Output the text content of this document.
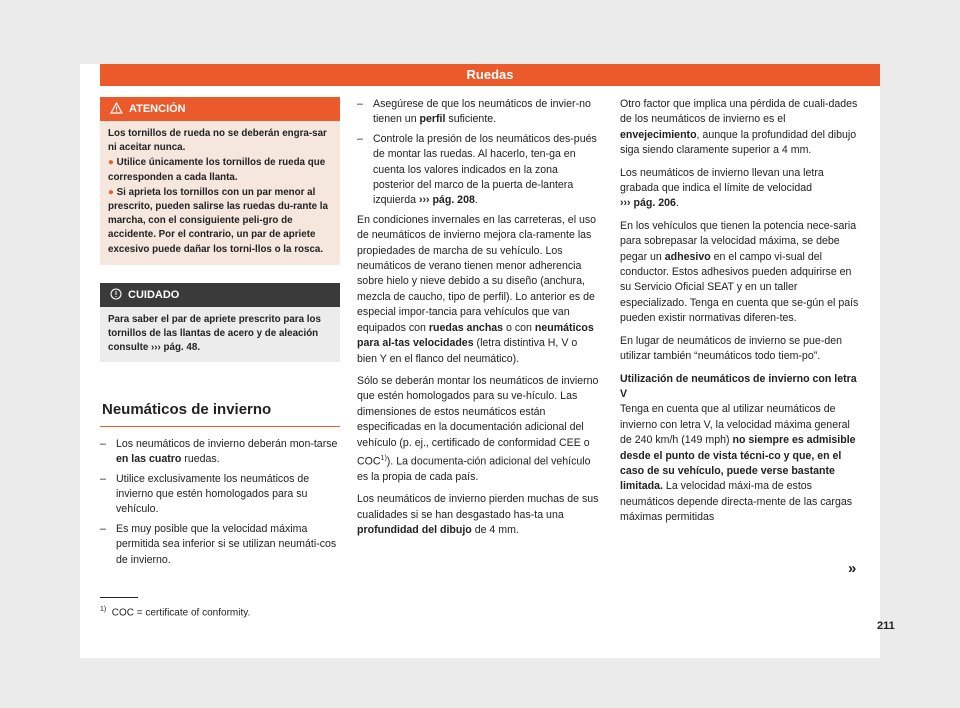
Ruedas
ATENCIÓN

Los tornillos de rueda no se deberán engra-sar ni aceitar nunca.

● Utilice únicamente los tornillos de rueda que corresponden a cada llanta.

● Si aprieta los tornillos con un par menor al prescrito, pueden salirse las ruedas du-rante la marcha, con el consiguiente peli-gro de accidente. Por el contrario, un par de apriete excesivo puede dañar los torni-llos o la rosca.

CUIDADO
Para saber el par de apriete prescrito para los tornillos de las llantas de acero y de aleación consulte ››› pág. 48.
Neumáticos de invierno
– Los neumáticos de invierno deberán mon-tarse en las cuatro ruedas.
– Utilice exclusivamente los neumáticos de invierno que estén homologados para su vehículo.
– Es muy posible que la velocidad máxima permitida sea inferior si se utilizan neumáti-cos de invierno.
– Asegúrese de que los neumáticos de invier-no tienen un perfil suficiente.
– Controle la presión de los neumáticos des-pués de montar las ruedas. Al hacerlo, ten-ga en cuenta los valores indicados en la zona posterior del marco de la puerta de-lantera izquierda ››› pág. 208.

En condiciones invernales en las carreteras, el uso de neumáticos de invierno mejora cla-ramente las propiedades de marcha de su vehículo. Los neumáticos de verano tienen menor adherencia sobre hielo y nieve debido a su diseño (anchura, mezcla de caucho, tipo de perfil). Lo anterior es de especial impor-tancia para vehículos que van equipados con ruedas anchas o con neumáticos para al-tas velocidades (letra distintiva H, V o bien Y en el flanco del neumático).

Sólo se deberán montar los neumáticos de invierno que estén homologados para su ve-hículo. Las dimensiones de estos neumáticos están especificadas en la documentación adicional del vehículo (p. ej., certificado de conformidad CEE o COC$^{1)}$). La documenta-ción adicional del vehículo es la propia de cada país.

Los neumáticos de invierno pierden muchas de sus cualidades si se han desgastado has-ta una profundidad del dibujo de 4 mm.

Otro factor que implica una pérdida de cuali-dades de los neumáticos de invierno es el envejecimiento, aunque la profundidad del dibujo siga siendo claramente superior a 4 mm.

Los neumáticos de invierno llevan una letra grabada que indica el límite de velocidad
››› pág. 206.

En los vehículos que tienen la potencia nece-saria para sobrepasar la velocidad máxima, se debe pegar un adhesivo en el campo vi-sual del conductor. Estos adhesivos pueden adquirirse en su Servicio Oficial SEAT y en un taller especializado. Tenga en cuenta que se-gún el país pueden existir normativas diferen-tes.

En lugar de neumáticos de invierno se pue-den utilizar también “neumáticos todo tiem-po”.

Utilización de neumáticos de invierno con letra V

Tenga en cuenta que al utilizar neumáticos de invierno con letra V, la velocidad máxima general de 240 km/h (149 mph) no siempre es admisible desde el punto de vista técni-co y que, en el caso de su vehículo, puede verse bastante limitada. La velocidad máxi-ma de estos neumáticos depende directa-mente de las cargas máximas permitidas

»
$^{1)}$ COC = certificate of conformity.
211
